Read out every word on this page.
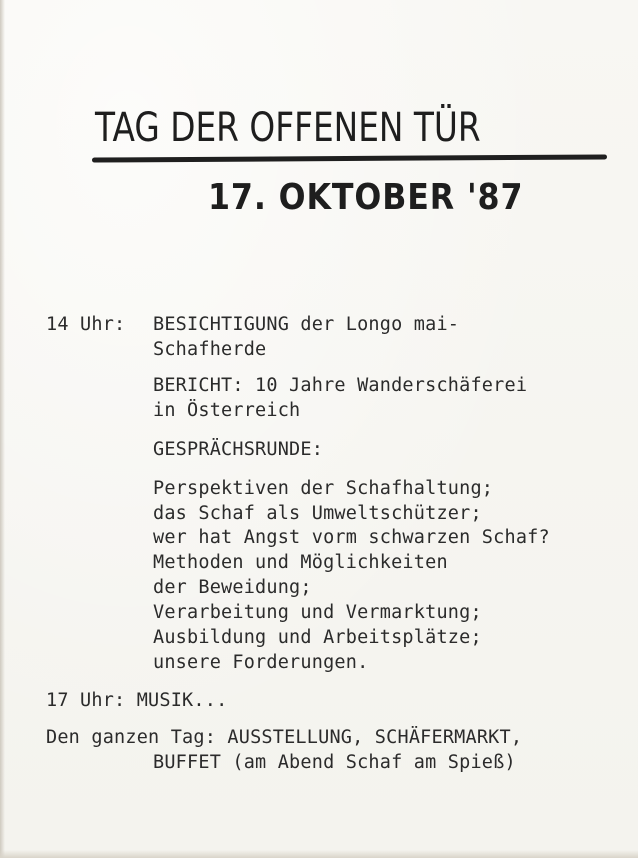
TAG DER OFFENEN TÜR
17. OKTOBER '87
14 Uhr: BESICHTIGUNG der Longo mai-
Schafherde
BERICHT: 10 Jahre Wanderschäferei
in Österreich
GESPRÄCHSRUNDE:
Perspektiven der Schafhaltung;
das Schaf als Umweltschützer;
wer hat Angst vorm schwarzen Schaf?
Methoden und Möglichkeiten
der Beweidung;
Verarbeitung und Vermarktung;
Ausbildung und Arbeitsplätze;
unsere Forderungen.
17 Uhr: MUSIK...
Den ganzen Tag: AUSSTELLUNG, SCHÄFERMARKT,
BUFFET (am Abend Schaf am Spieß)
